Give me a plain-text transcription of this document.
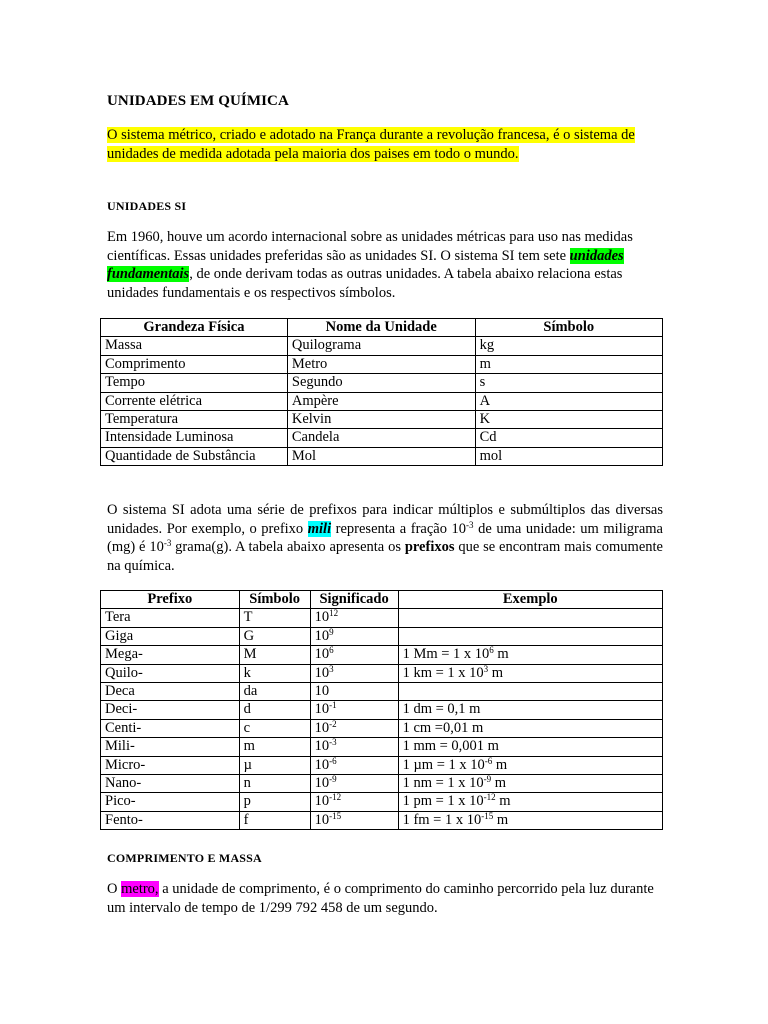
UNIDADES EM QUÍMICA
O sistema métrico, criado e adotado na França durante a revolução francesa, é o sistema de unidades de medida adotada pela maioria dos paises em todo o mundo.
UNIDADES SI
Em 1960, houve um acordo internacional sobre as unidades métricas para uso nas medidas científicas. Essas unidades preferidas são as unidades SI. O sistema SI tem sete unidades fundamentais, de onde derivam todas as outras unidades. A tabela abaixo relaciona estas unidades fundamentais e os respectivos símbolos.
Grandeza Física	Nome da Unidade	Símbolo
Massa	Quilograma	kg
Comprimento	Metro	m
Tempo	Segundo	s
Corrente elétrica	Ampère	A
Temperatura	Kelvin	K
Intensidade Luminosa	Candela	Cd
Quantidade de Substância	Mol	mol
O sistema SI adota uma série de prefixos para indicar múltiplos e submúltiplos das diversas unidades. Por exemplo, o prefixo mili representa a fração $10^{-3}$ de uma unidade: um miligrama (mg) é $10^{-3}$ grama(g). A tabela abaixo apresenta os prefixos que se encontram mais comumente na química.
Prefixo	Símbolo	Significado	Exemplo
Tera	T	$10^{12}$	
Giga	G	$10^9$	
Mega-	M	$10^6$	1 Mm = 1 x $10^6$ m
Quilo-	k	$10^3$	1 km = 1 x $10^3$ m
Deca	da	10	
Deci-	d	$10^{-1}$	1 dm = 0,1 m
Centi-	c	$10^{-2}$	1 cm =0,01 m
Mili-	m	$10^{-3}$	1 mm = 0,001 m
Micro-	µ	$10^{-6}$	1 µm = 1 x $10^{-6}$ m
Nano-	n	$10^{-9}$	1 nm = 1 x $10^{-9}$ m
Pico-	p	$10^{-12}$	1 pm = 1 x $10^{-12}$ m
Fento-	f	$10^{-15}$	1 fm = 1 x $10^{-15}$ m
COMPRIMENTO E MASSA
O metro, a unidade de comprimento, é o comprimento do caminho percorrido pela luz durante um intervalo de tempo de 1/299 792 458 de um segundo.
